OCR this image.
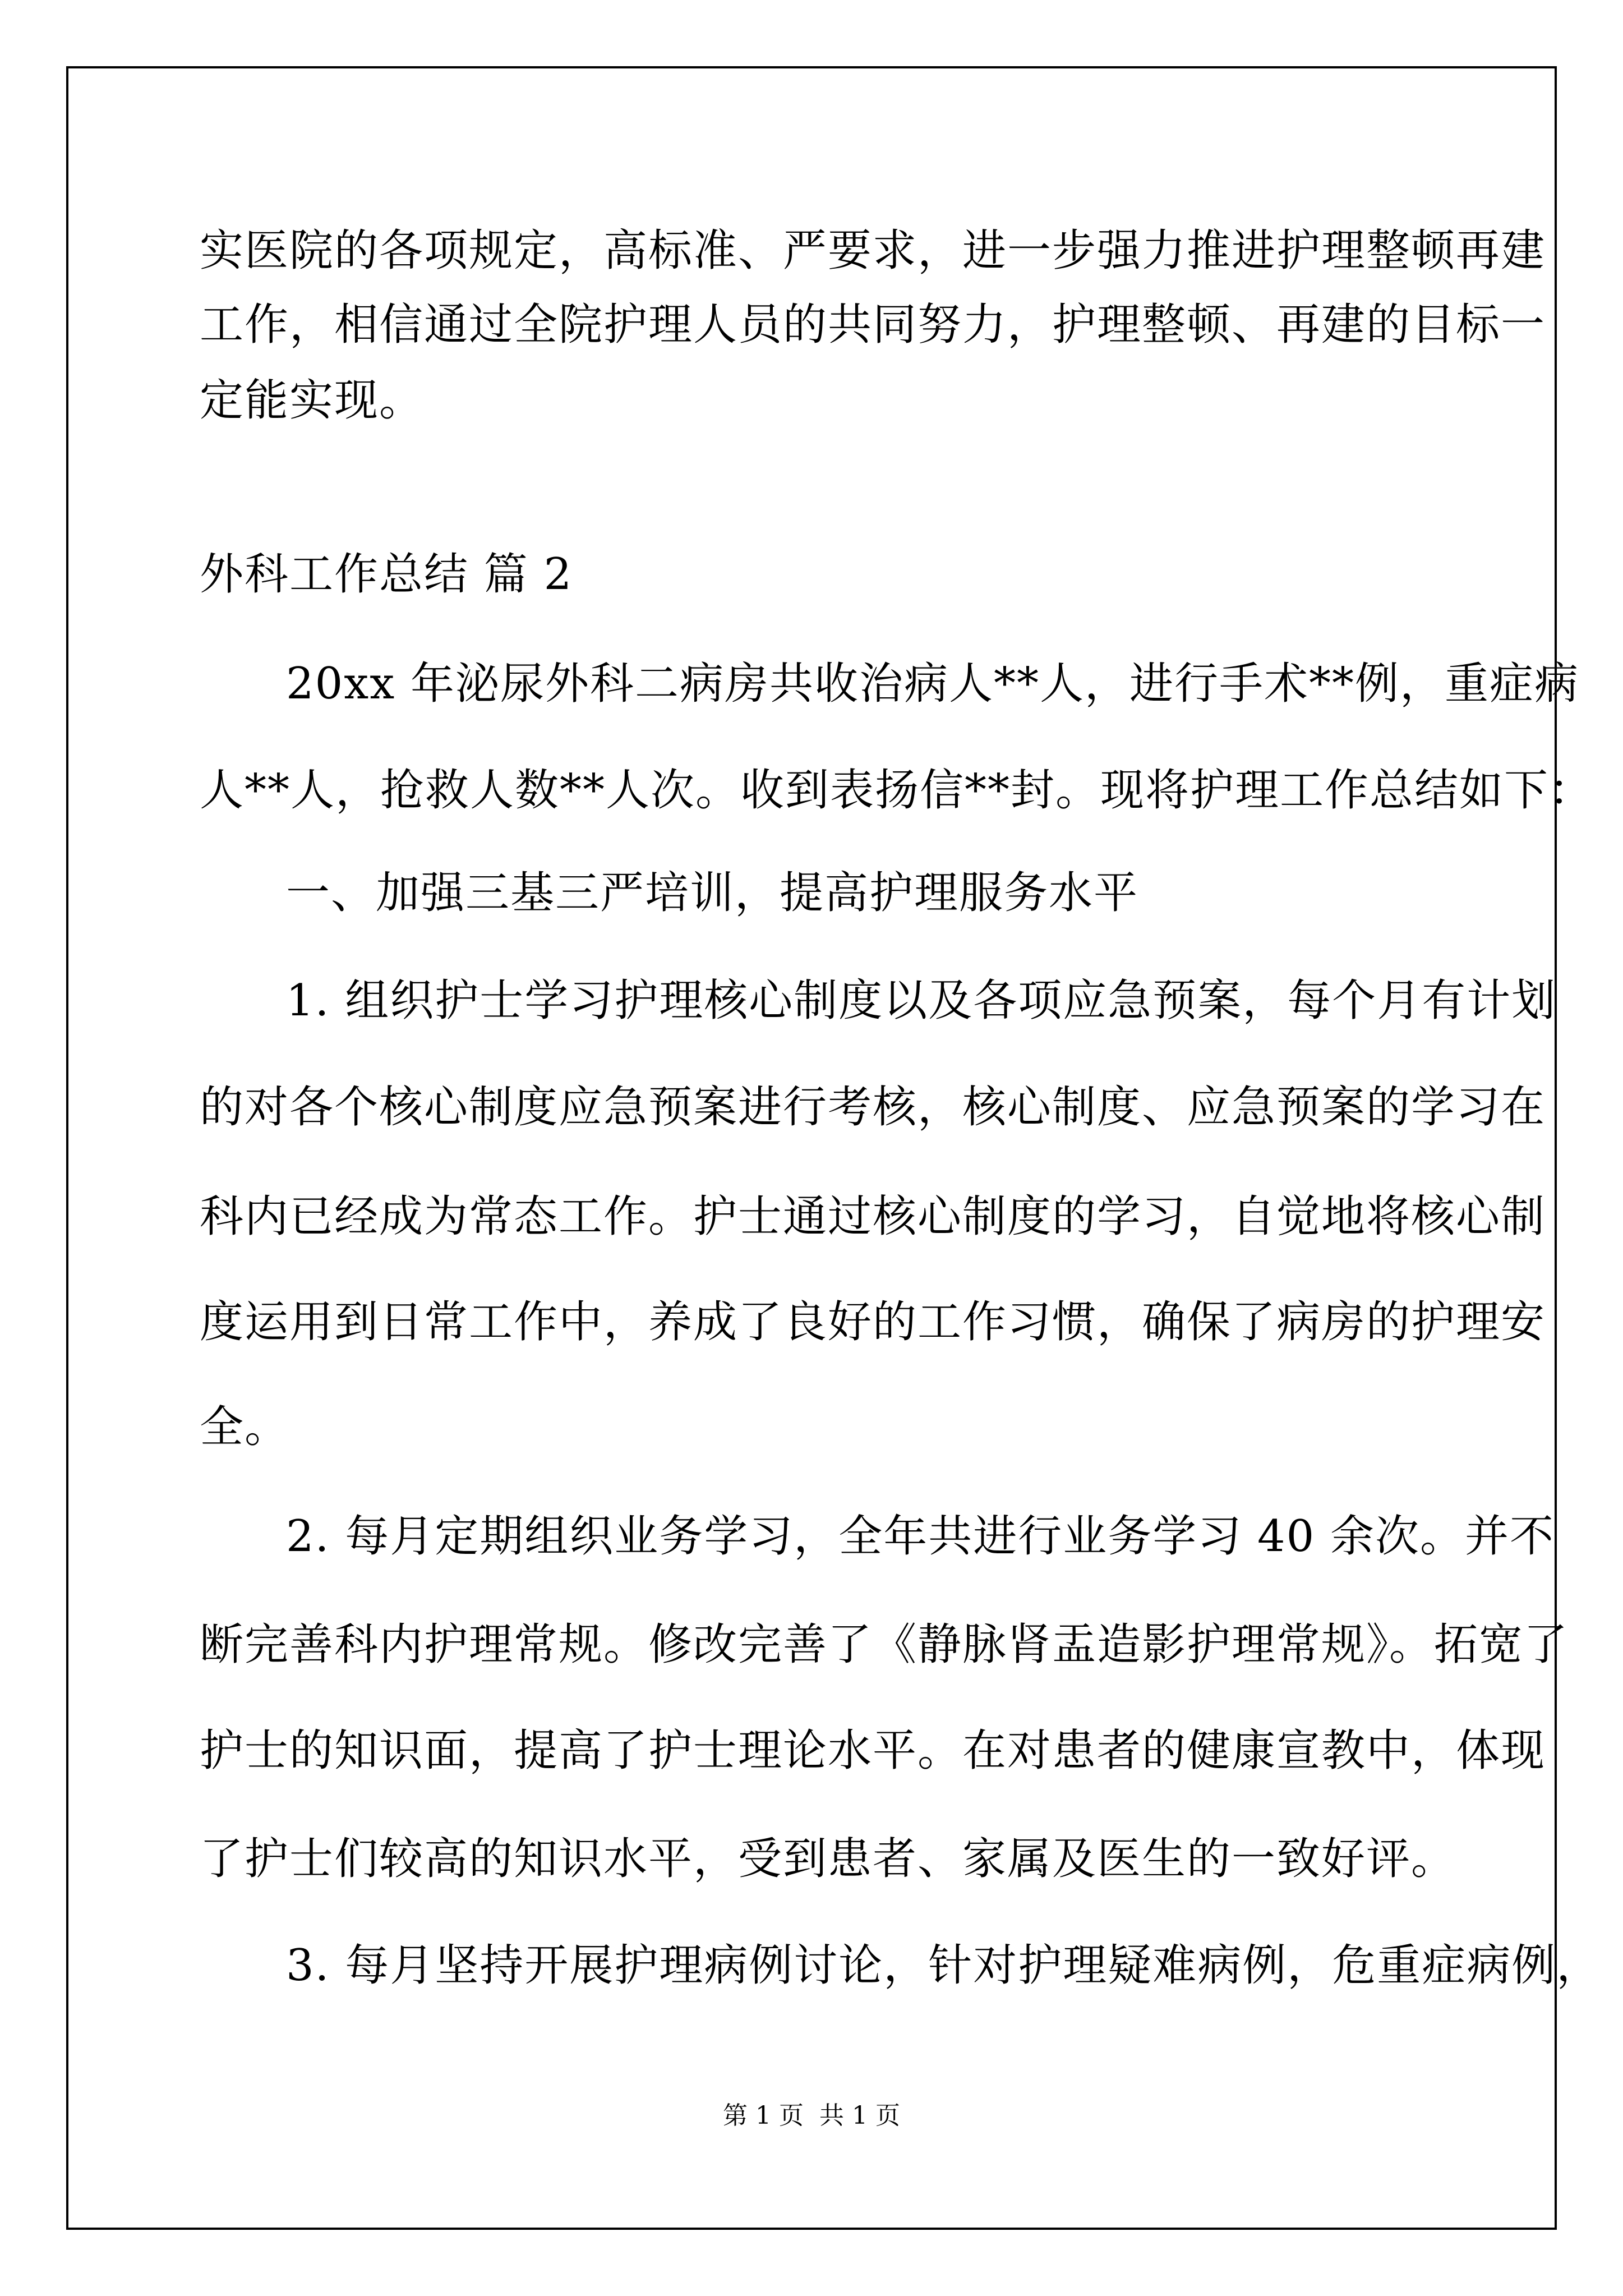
实医院的各项规定，高标准、严要求，进一步强力推进护理整顿再建
工作，相信通过全院护理人员的共同努力，护理整顿、再建的目标一
定能实现。
外科工作总结 篇 2
20xx 年泌尿外科二病房共收治病人**人，进行手术**例，重症病
人**人，抢救人数**人次。收到表扬信**封。现将护理工作总结如下：
一、加强三基三严培训，提高护理服务水平
1. 组织护士学习护理核心制度以及各项应急预案，每个月有计划
的对各个核心制度应急预案进行考核，核心制度、应急预案的学习在
科内已经成为常态工作。护士通过核心制度的学习，自觉地将核心制
度运用到日常工作中，养成了良好的工作习惯，确保了病房的护理安
全。
2. 每月定期组织业务学习，全年共进行业务学习 40 余次。并不
断完善科内护理常规。修改完善了《静脉肾盂造影护理常规》。拓宽了
护士的知识面，提高了护士理论水平。在对患者的健康宣教中，体现
了护士们较高的知识水平，受到患者、家属及医生的一致好评。
3. 每月坚持开展护理病例讨论，针对护理疑难病例，危重症病例，
第 1 页  共 1 页
